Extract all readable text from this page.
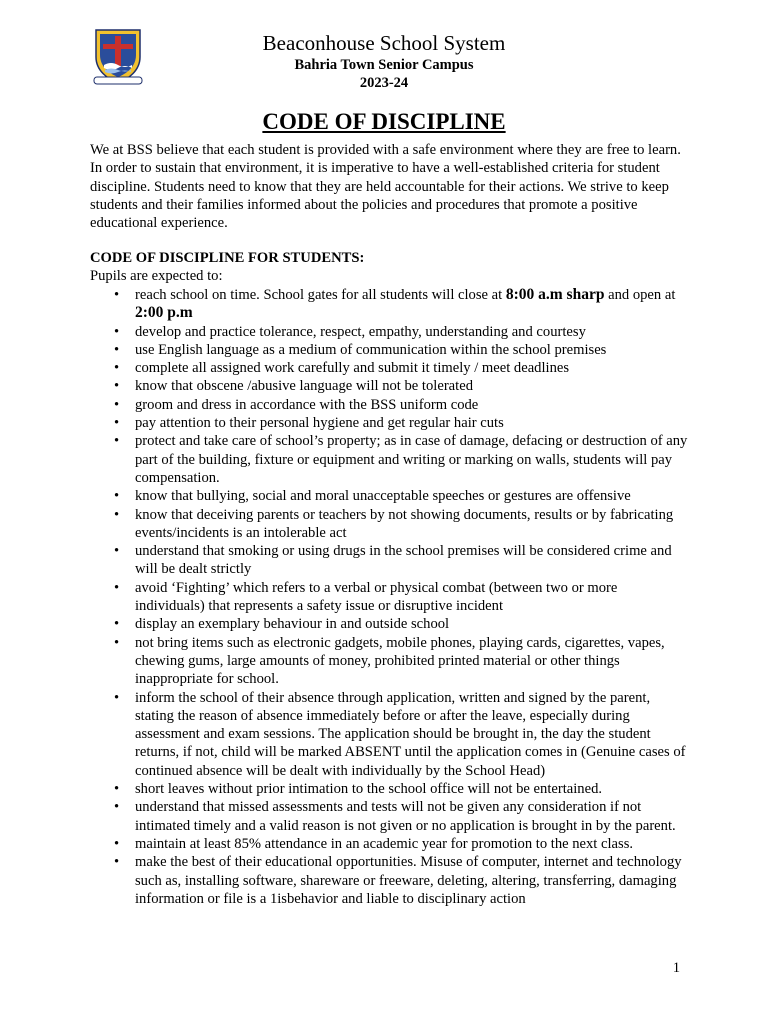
Beaconhouse School System
Bahria Town Senior Campus
2023-24
CODE OF DISCIPLINE
We at BSS believe that each student is provided with a safe environment where they are free to learn. In order to sustain that environment, it is imperative to have a well-established criteria for student discipline. Students need to know that they are held accountable for their actions. We strive to keep students and their families informed about the policies and procedures that promote a positive educational experience.
CODE OF DISCIPLINE FOR STUDENTS:
Pupils are expected to:
• reach school on time. School gates for all students will close at 8:00 a.m sharp and open at 2:00 p.m
• develop and practice tolerance, respect, empathy, understanding and courtesy
• use English language as a medium of communication within the school premises
• complete all assigned work carefully and submit it timely / meet deadlines
• know that obscene /abusive language will not be tolerated
• groom and dress in accordance with the BSS uniform code
• pay attention to their personal hygiene and get regular hair cuts
• protect and take care of school’s property; as in case of damage, defacing or destruction of any part of the building, fixture or equipment and writing or marking on walls, students will pay compensation.
• know that bullying, social and moral unacceptable speeches or gestures are offensive
• know that deceiving parents or teachers by not showing documents, results or by fabricating events/incidents is an intolerable act
• understand that smoking or using drugs in the school premises will be considered crime and will be dealt strictly
• avoid ‘Fighting’ which refers to a verbal or physical combat (between two or more individuals) that represents a safety issue or disruptive incident
• display an exemplary behaviour in and outside school
• not bring items such as electronic gadgets, mobile phones, playing cards, cigarettes, vapes, chewing gums, large amounts of money, prohibited printed material or other things inappropriate for school.
• inform the school of their absence through application, written and signed by the parent, stating the reason of absence immediately before or after the leave, especially during assessment and exam sessions. The application should be brought in, the day the student returns, if not, child will be marked ABSENT until the application comes in (Genuine cases of continued absence will be dealt with individually by the School Head)
• short leaves without prior intimation to the school office will not be entertained.
• understand that missed assessments and tests will not be given any consideration if not intimated timely and a valid reason is not given or no application is brought in by the parent.
• maintain at least 85% attendance in an academic year for promotion to the next class.
• make the best of their educational opportunities. Misuse of computer, internet and technology such as, installing software, shareware or freeware, deleting, altering, transferring, damaging information or file is a 1isbehavior and liable to disciplinary action
1
